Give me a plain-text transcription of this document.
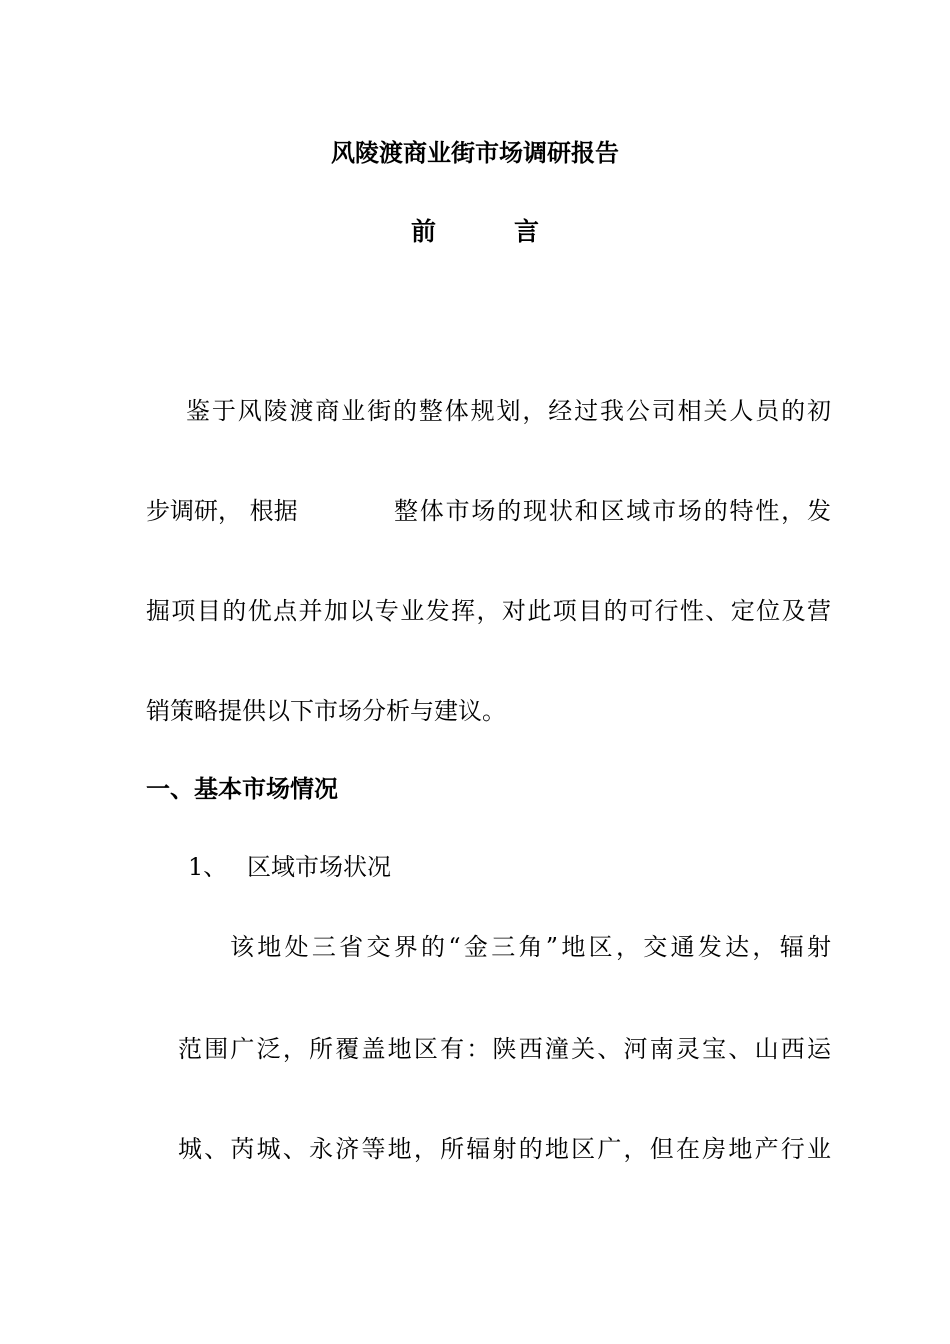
风陵渡商业街市场调研报告
前	言
鉴于风陵渡商业街的整体规划，经过我公司相关人员的初
步调研， 根据	整体市场的现状和区域市场的特性，发
掘项目的优点并加以专业发挥，对此项目的可行性、定位及营
销策略提供以下市场分析与建议。
一、基本市场情况
1、 区域市场状况
该地处三省交界的“金三角”地区，交通发达，辐射
范围广泛，所覆盖地区有：陕西潼关、河南灵宝、山西运
城、芮城、永济等地，所辐射的地区广，但在房地产行业
